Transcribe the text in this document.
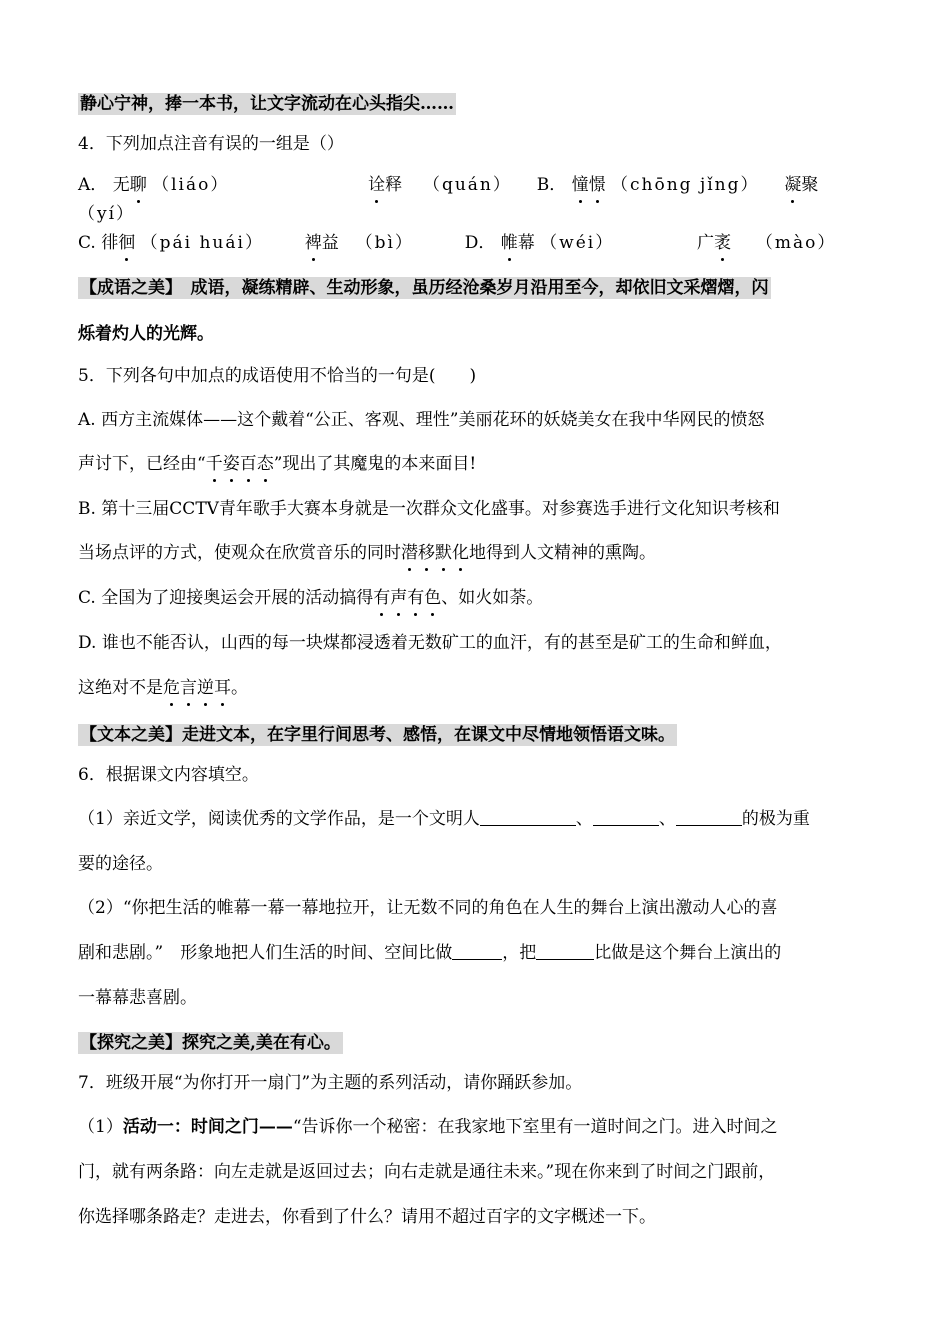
静心宁神，捧一本书，让文字流动在心头指尖……
4．下列加点注音有误的一组是（）
A． 无聊 （liáo）	诠释 （quán） B． 憧憬 （chōng jǐng） 凝聚
（yí）
C. 徘徊 （pái huái） 裨益 （bì）	D． 帷幕 （wéi）	广袤 （mào）
【成语之美】　成语，凝练精辟、生动形象，虽历经沧桑岁月沿用至今，却依旧文采熠熠，闪
烁着灼人的光辉。
5．下列各句中加点的成语使用不恰当的一句是(　　)
A. 西方主流媒体——这个戴着“公正、客观、理性”美丽花环的妖娆美女在我中华网民的愤怒
声讨下，已经由“千姿百态”现出了其魔鬼的本来面目!
B. 第十三届CCTV青年歌手大赛本身就是一次群众文化盛事。对参赛选手进行文化知识考核和
当场点评的方式，使观众在欣赏音乐的同时潜移默化地得到人文精神的熏陶。
C. 全国为了迎接奥运会开展的活动搞得有声有色、如火如荼。
D. 谁也不能否认，山西的每一块煤都浸透着无数矿工的血汗，有的甚至是矿工的生命和鲜血，
这绝对不是危言逆耳。
【文本之美】走进文本，在字里行间思考、感悟，在课文中尽情地领悟语文味。
6．根据课文内容填空。
（1）亲近文学，阅读优秀的文学作品，是一个文明人	、	、	的极为重
要的途径。
（2）“你把生活的帷幕一幕一幕地拉开，让无数不同的角色在人生的舞台上演出激动人心的喜
剧和悲剧。”　形象地把人们生活的时间、空间比做	，把	比做是这个舞台上演出的
一幕幕悲喜剧。
【探究之美】探究之美,美在有心。
7．班级开展“为你打开一扇门”为主题的系列活动，请你踊跃参加。
（1）活动一：时间之门——“告诉你一个秘密：在我家地下室里有一道时间之门。进入时间之
门，就有两条路：向左走就是返回过去；向右走就是通往未来。”现在你来到了时间之门跟前，
你选择哪条路走？走进去，你看到了什么？请用不超过百字的文字概述一下。
